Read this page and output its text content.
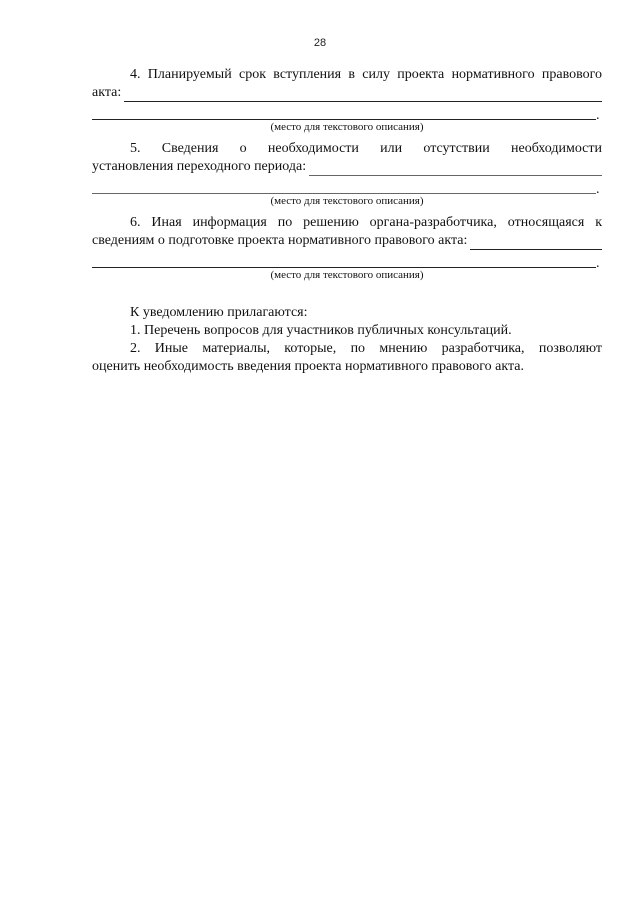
28

4. Планируемый срок вступления в силу проекта нормативного правового

акта:
.
(место для текстового описания)

5. Сведения о необходимости или отсутствии необходимости

установления переходного периода:
.
(место для текстового описания)

6. Иная информация по решению органа-разработчика, относящаяся к

сведениям о подготовке проекта нормативного правового акта:
.
(место для текстового описания)

К уведомлению прилагаются:

1. Перечень вопросов для участников публичных консультаций.

2. Иные материалы, которые, по мнению разработчика, позволяют

оценить необходимость введения проекта нормативного правового акта.
